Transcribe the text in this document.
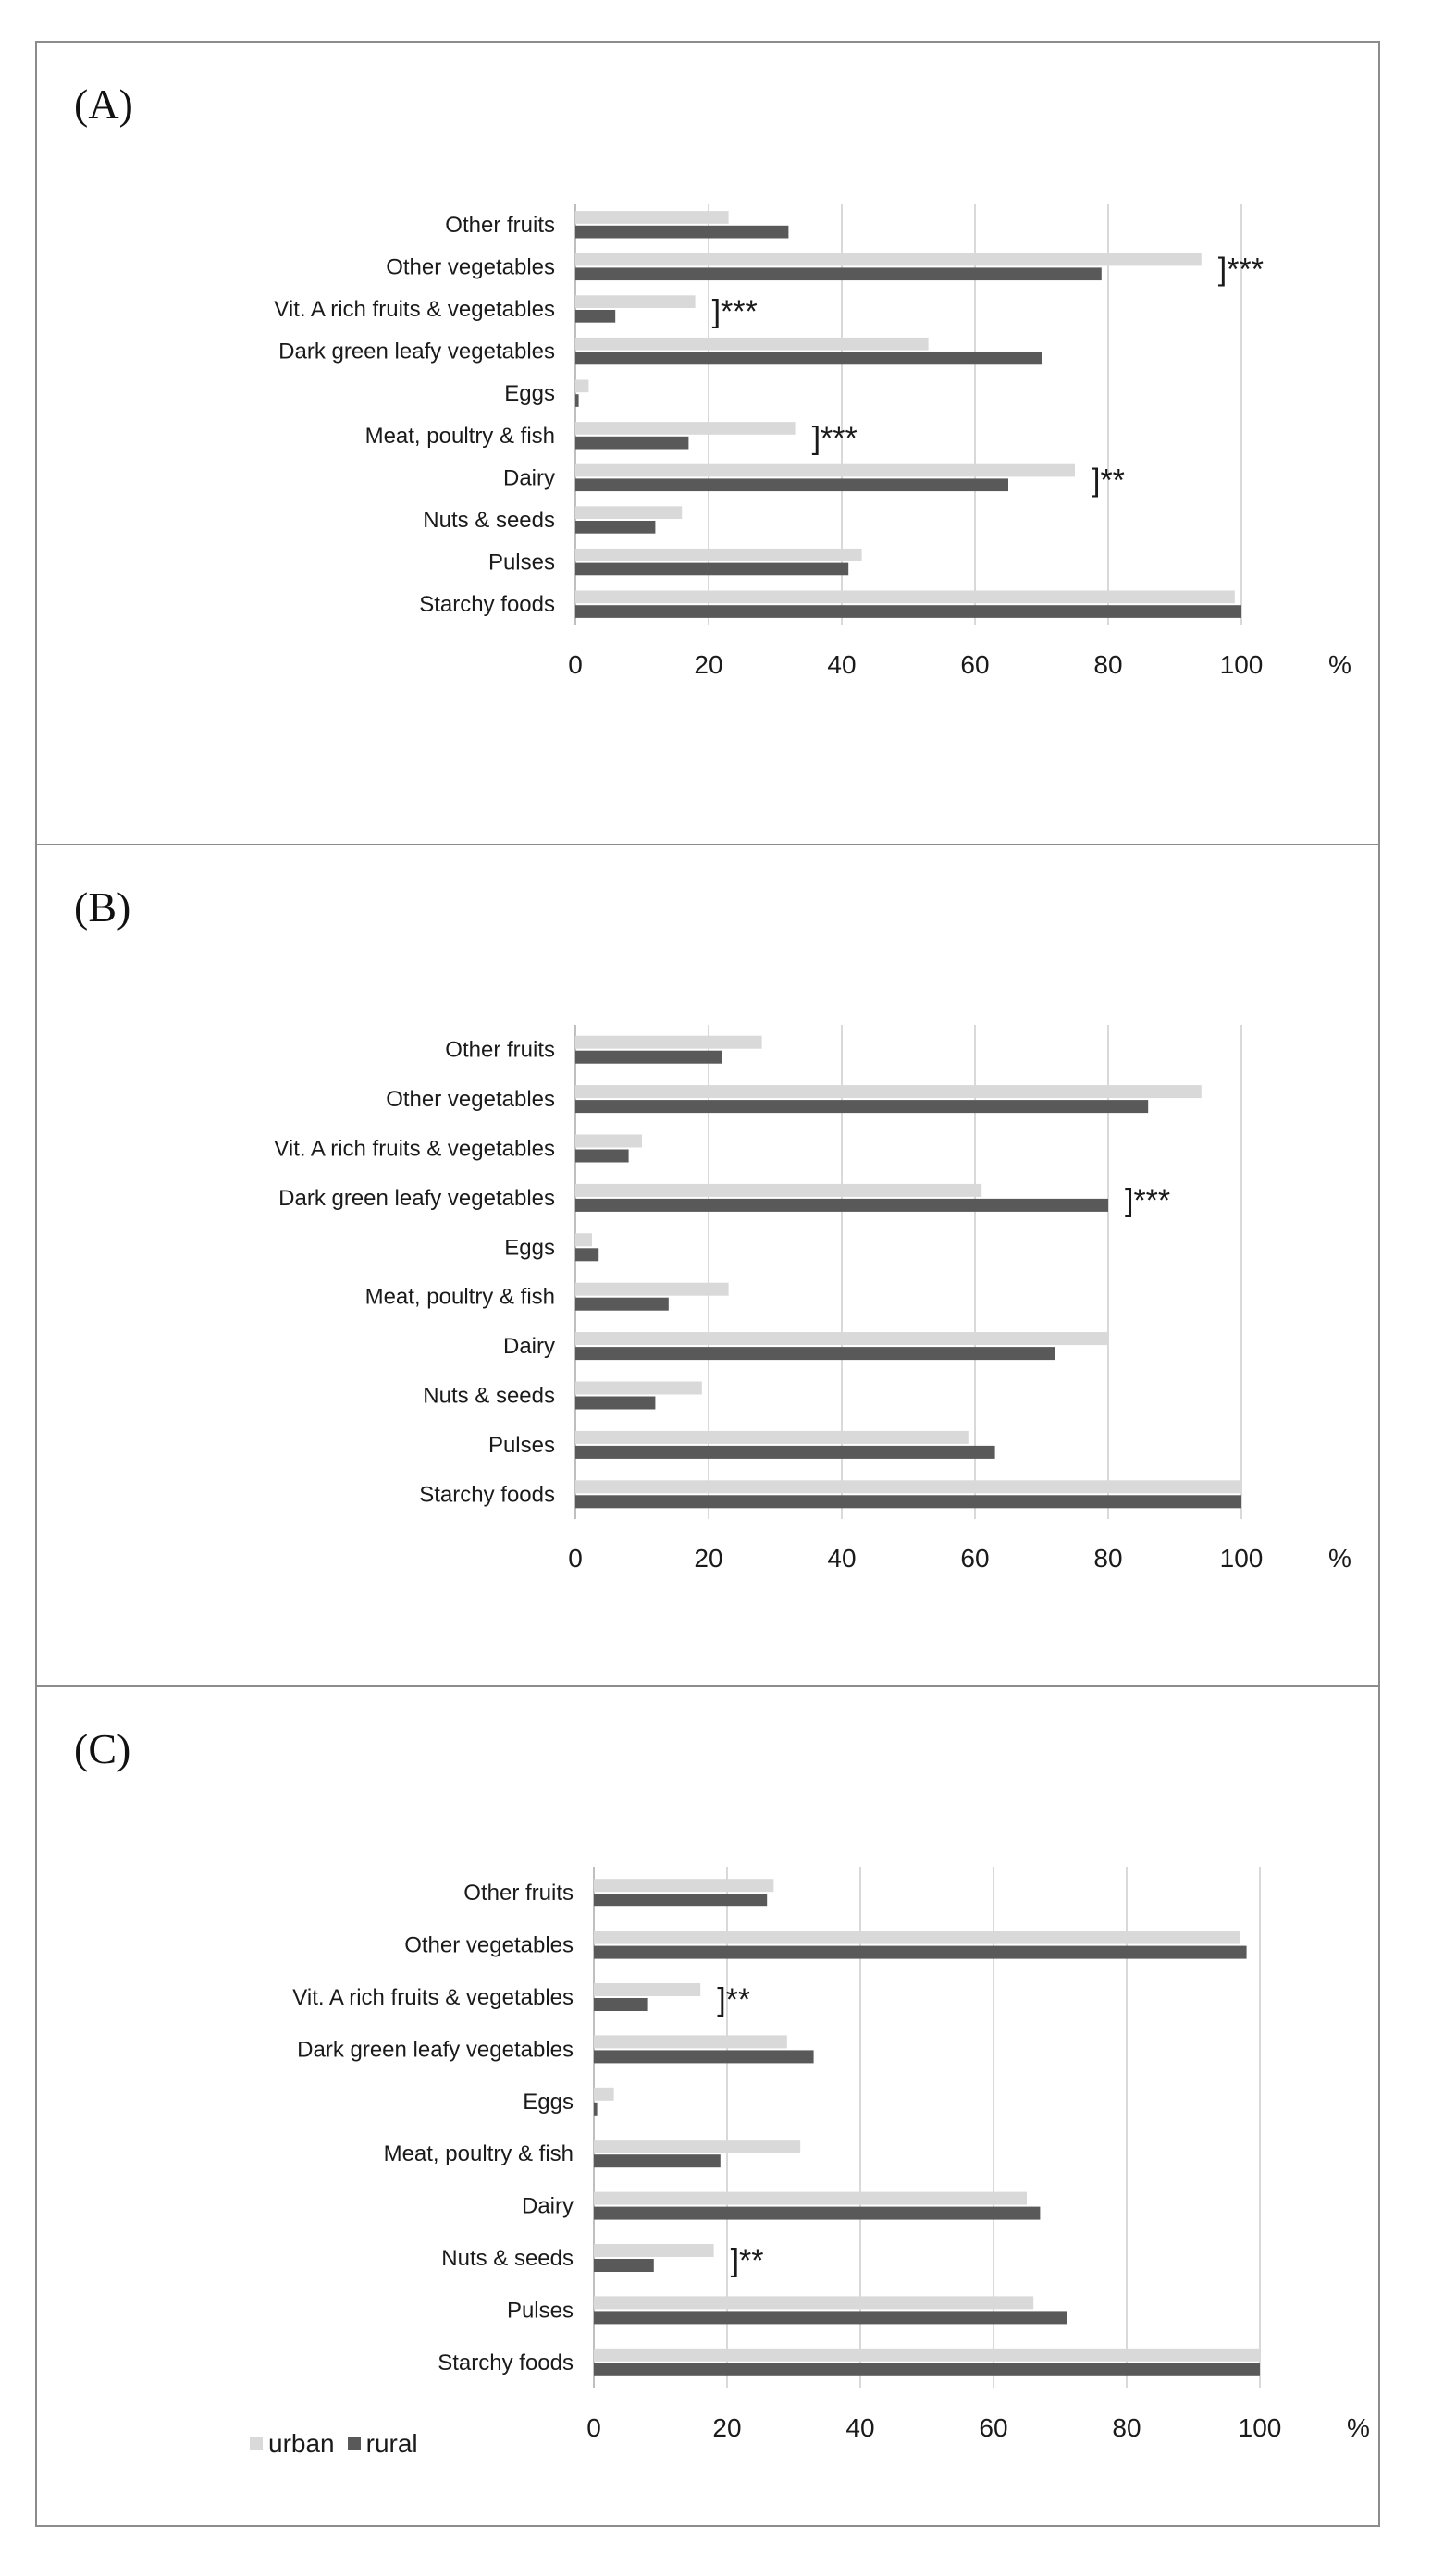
(A)
0	20	40	60	80	100	%
Other fruits
Other vegetables	]***
Vit. A rich fruits & vegetables	]***
Dark green leafy vegetables
Eggs
Meat, poultry & fish	]***
Dairy	]**
Nuts & seeds
Pulses
Starchy foods
(B)
0	20	40	60	80	100	%
Other fruits
Other vegetables
Vit. A rich fruits & vegetables
Dark green leafy vegetables	]***
Eggs
Meat, poultry & fish
Dairy
Nuts & seeds
Pulses
Starchy foods
(C)
0	20	40	60	80	100	%
Other fruits
Other vegetables
Vit. A rich fruits & vegetables	]**
Dark green leafy vegetables
Eggs
Meat, poultry & fish
Dairy
Nuts & seeds	]**
Pulses
Starchy foods
urban rural
